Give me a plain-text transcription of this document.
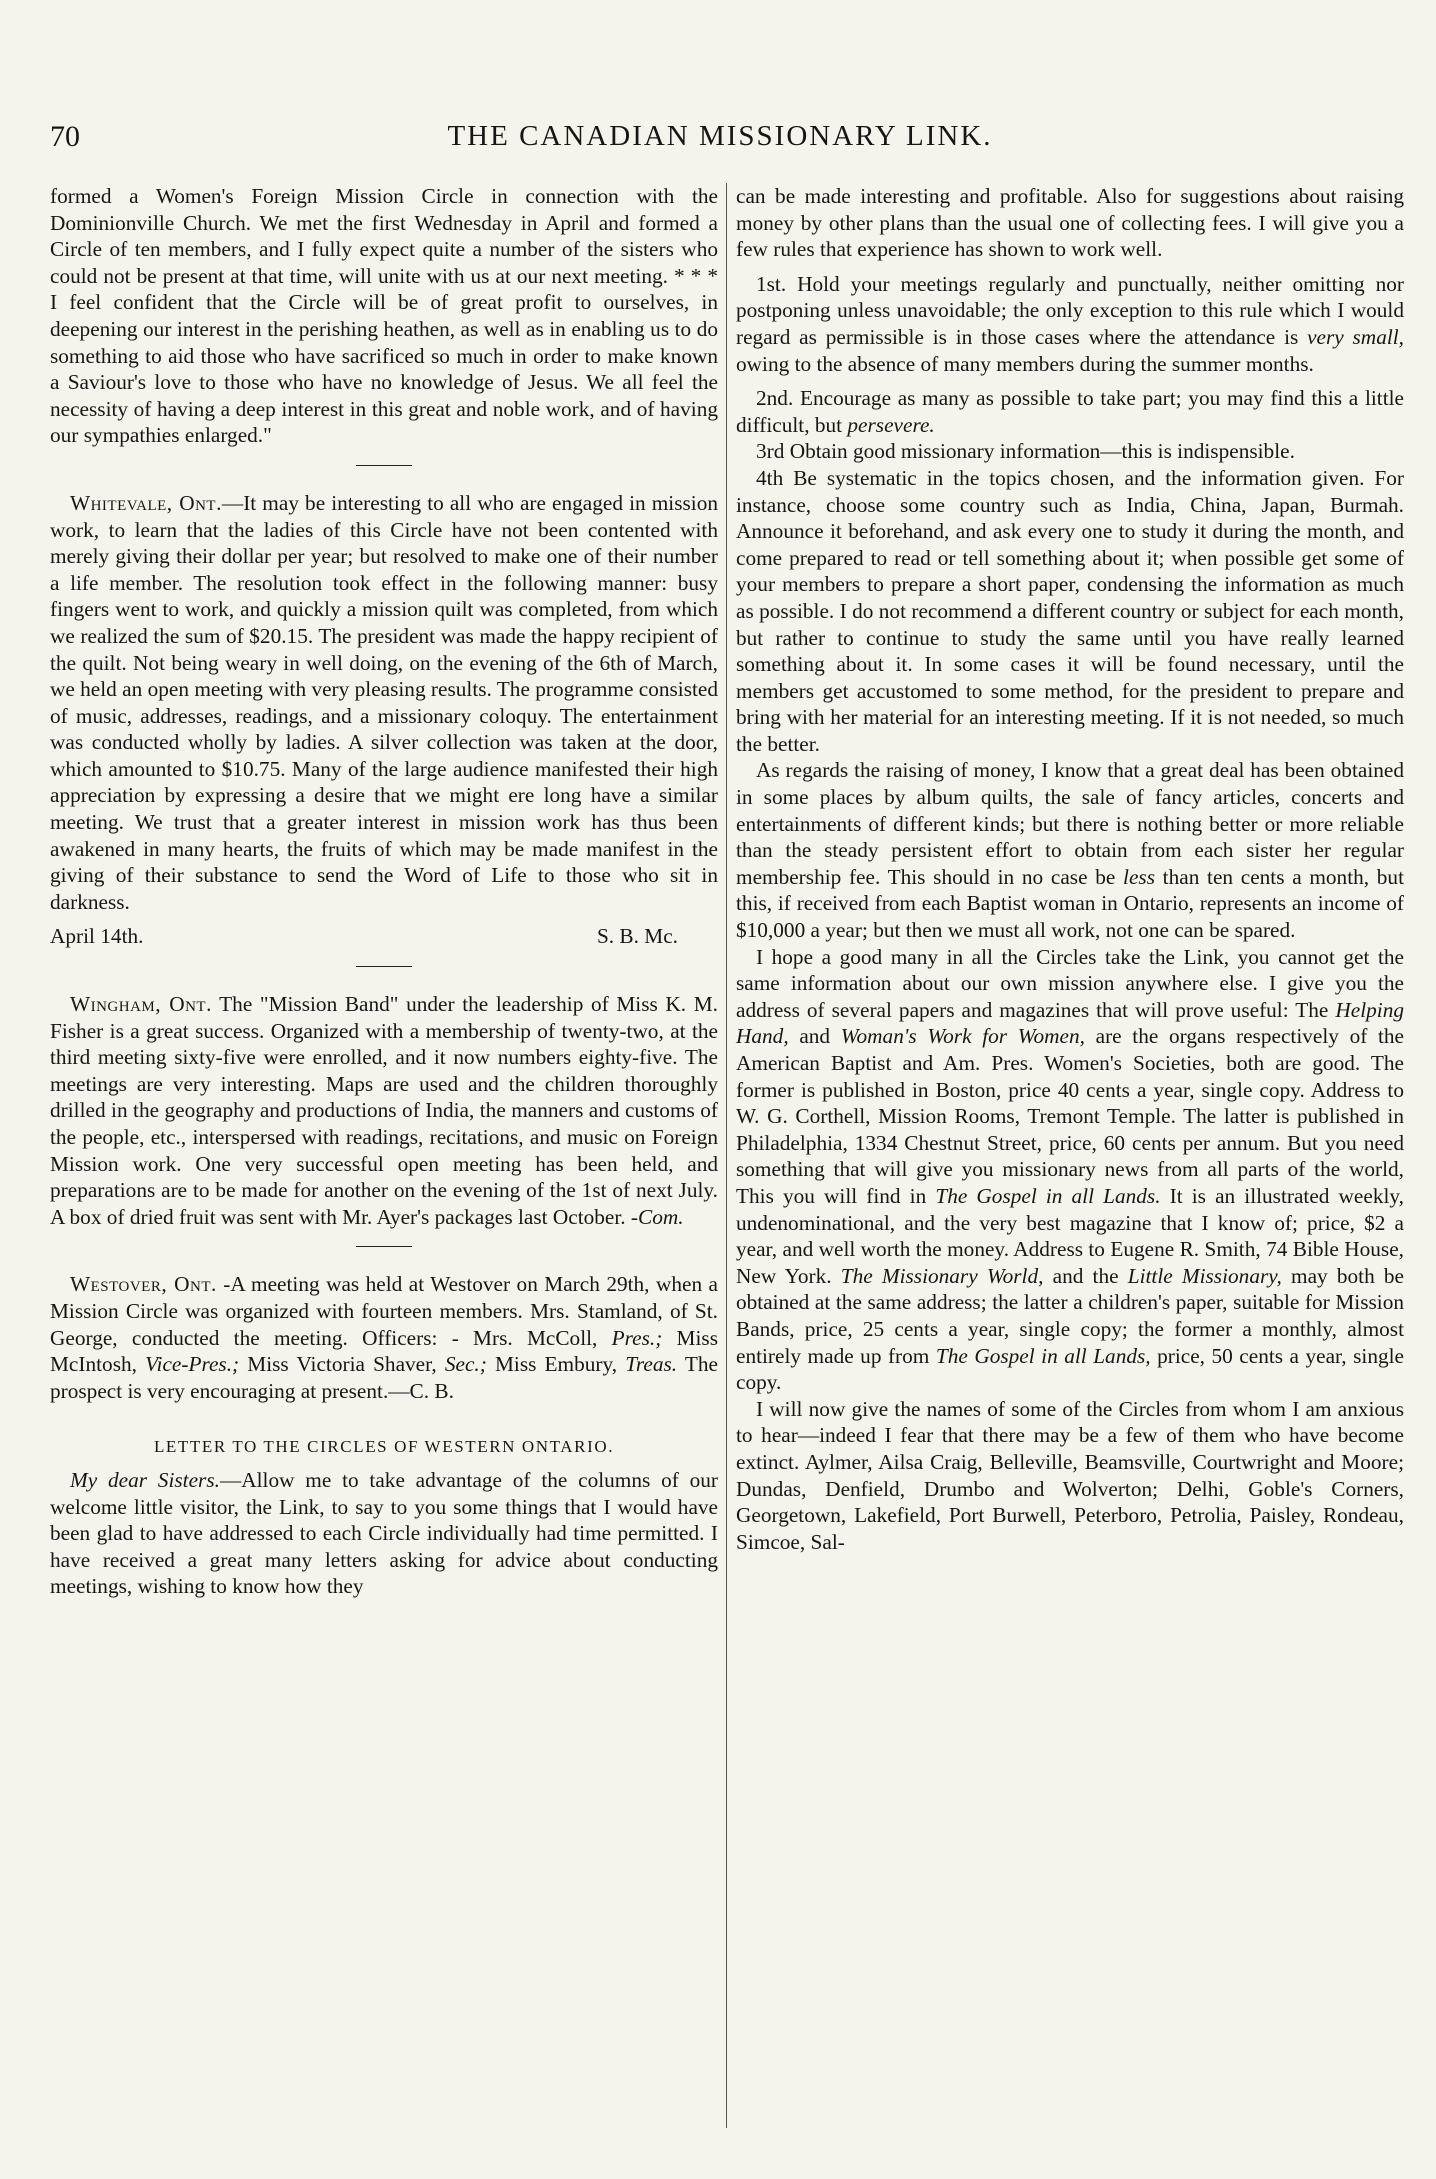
70	THE CANADIAN MISSIONARY LINK.

formed a Women's Foreign Mission Circle in connection with the Dominionville Church. We met the first Wednesday in April and formed a Circle of ten members, and I fully expect quite a number of the sisters who could not be present at that time, will unite with us at our next meeting. * * * I feel confident that the Circle will be of great profit to ourselves, in deepening our interest in the perishing heathen, as well as in enabling us to do something to aid those who have sacrificed so much in order to make known a Saviour's love to those who have no knowledge of Jesus. We all feel the necessity of having a deep interest in this great and noble work, and of having our sympathies enlarged."

Whitevale, Ont.—It may be interesting to all who are engaged in mission work, to learn that the ladies of this Circle have not been contented with merely giving their dollar per year; but resolved to make one of their number a life member. The resolution took effect in the following manner: busy fingers went to work, and quickly a mission quilt was completed, from which we realized the sum of $20.15. The president was made the happy recipient of the quilt. Not being weary in well doing, on the evening of the 6th of March, we held an open meeting with very pleasing results. The programme consisted of music, addresses, readings, and a missionary coloquy. The entertainment was conducted wholly by ladies. A silver collection was taken at the door, which amounted to $10.75. Many of the large audience manifested their high appreciation by expressing a desire that we might ere long have a similar meeting. We trust that a greater interest in mission work has thus been awakened in many hearts, the fruits of which may be made manifest in the giving of their substance to send the Word of Life to those who sit in darkness.

April 14th.	S. B. Mc.

Wingham, Ont. The "Mission Band" under the leadership of Miss K. M. Fisher is a great success. Organized with a membership of twenty-two, at the third meeting sixty-five were enrolled, and it now numbers eighty-five. The meetings are very interesting. Maps are used and the children thoroughly drilled in the geography and productions of India, the manners and customs of the people, etc., interspersed with readings, recitations, and music on Foreign Mission work. One very successful open meeting has been held, and preparations are to be made for another on the evening of the 1st of next July. A box of dried fruit was sent with Mr. Ayer's packages last October. -Com.

Westover, Ont. -A meeting was held at Westover on March 29th, when a Mission Circle was organized with fourteen members. Mrs. Stamland, of St. George, conducted the meeting. Officers: - Mrs. McColl, Pres.; Miss McIntosh, Vice-Pres.; Miss Victoria Shaver, Sec.; Miss Embury, Treas. The prospect is very encouraging at present.—C. B.

LETTER TO THE CIRCLES OF WESTERN ONTARIO.

My dear Sisters.—Allow me to take advantage of the columns of our welcome little visitor, the Link, to say to you some things that I would have been glad to have addressed to each Circle individually had time permitted. I have received a great many letters asking for advice about conducting meetings, wishing to know how they

can be made interesting and profitable. Also for suggestions about raising money by other plans than the usual one of collecting fees. I will give you a few rules that experience has shown to work well.

1st. Hold your meetings regularly and punctually, neither omitting nor postponing unless unavoidable; the only exception to this rule which I would regard as permissible is in those cases where the attendance is very small, owing to the absence of many members during the summer months.

2nd. Encourage as many as possible to take part; you may find this a little difficult, but persevere.

3rd Obtain good missionary information—this is indispensible.

4th Be systematic in the topics chosen, and the information given. For instance, choose some country such as India, China, Japan, Burmah. Announce it beforehand, and ask every one to study it during the month, and come prepared to read or tell something about it; when possible get some of your members to prepare a short paper, condensing the information as much as possible. I do not recommend a different country or subject for each month, but rather to continue to study the same until you have really learned something about it. In some cases it will be found necessary, until the members get accustomed to some method, for the president to prepare and bring with her material for an interesting meeting. If it is not needed, so much the better.

As regards the raising of money, I know that a great deal has been obtained in some places by album quilts, the sale of fancy articles, concerts and entertainments of different kinds; but there is nothing better or more reliable than the steady persistent effort to obtain from each sister her regular membership fee. This should in no case be less than ten cents a month, but this, if received from each Baptist woman in Ontario, represents an income of $10,000 a year; but then we must all work, not one can be spared.

I hope a good many in all the Circles take the Link, you cannot get the same information about our own mission anywhere else. I give you the address of several papers and magazines that will prove useful: The Helping Hand, and Woman's Work for Women, are the organs respectively of the American Baptist and Am. Pres. Women's Societies, both are good. The former is published in Boston, price 40 cents a year, single copy. Address to W. G. Corthell, Mission Rooms, Tremont Temple. The latter is published in Philadelphia, 1334 Chestnut Street, price, 60 cents per annum. But you need something that will give you missionary news from all parts of the world, This you will find in The Gospel in all Lands. It is an illustrated weekly, undenominational, and the very best magazine that I know of; price, $2 a year, and well worth the money. Address to Eugene R. Smith, 74 Bible House, New York. The Missionary World, and the Little Missionary, may both be obtained at the same address; the latter a children's paper, suitable for Mission Bands, price, 25 cents a year, single copy; the former a monthly, almost entirely made up from The Gospel in all Lands, price, 50 cents a year, single copy.

I will now give the names of some of the Circles from whom I am anxious to hear—indeed I fear that there may be a few of them who have become extinct. Aylmer, Ailsa Craig, Belleville, Beamsville, Courtwright and Moore; Dundas, Denfield, Drumbo and Wolverton; Delhi, Goble's Corners, Georgetown, Lakefield, Port Burwell, Peterboro, Petrolia, Paisley, Rondeau, Simcoe, Sal-
